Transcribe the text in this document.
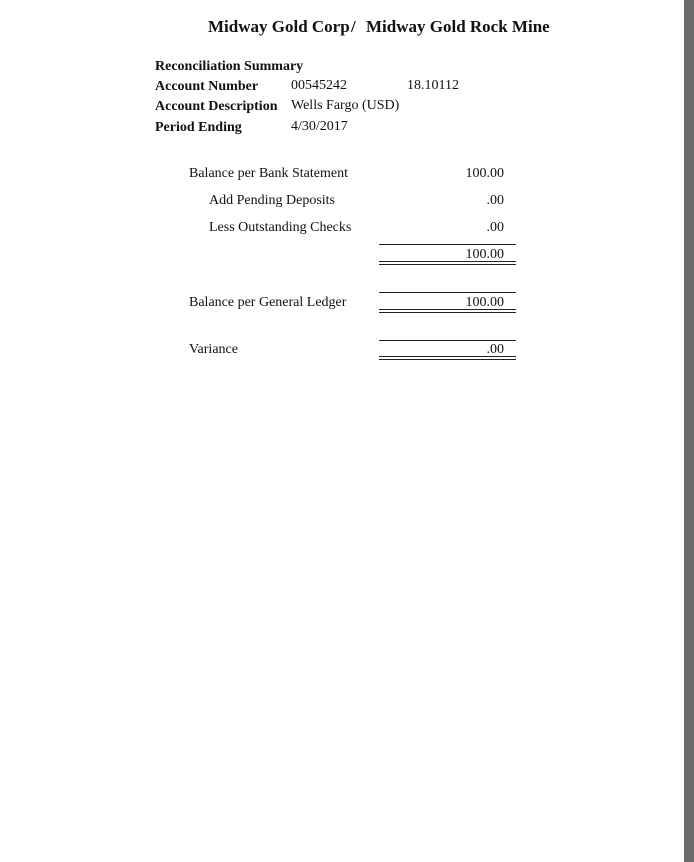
Midway Gold Corp / Midway Gold Rock Mine
Reconciliation Summary
Account Number 00545242	18.10112
Account Description Wells Fargo (USD)
Period Ending	4/30/2017
Balance per Bank Statement	100.00
Add Pending Deposits	.00
Less Outstanding Checks	.00
100.00
Balance per General Ledger	100.00
Variance	.00
